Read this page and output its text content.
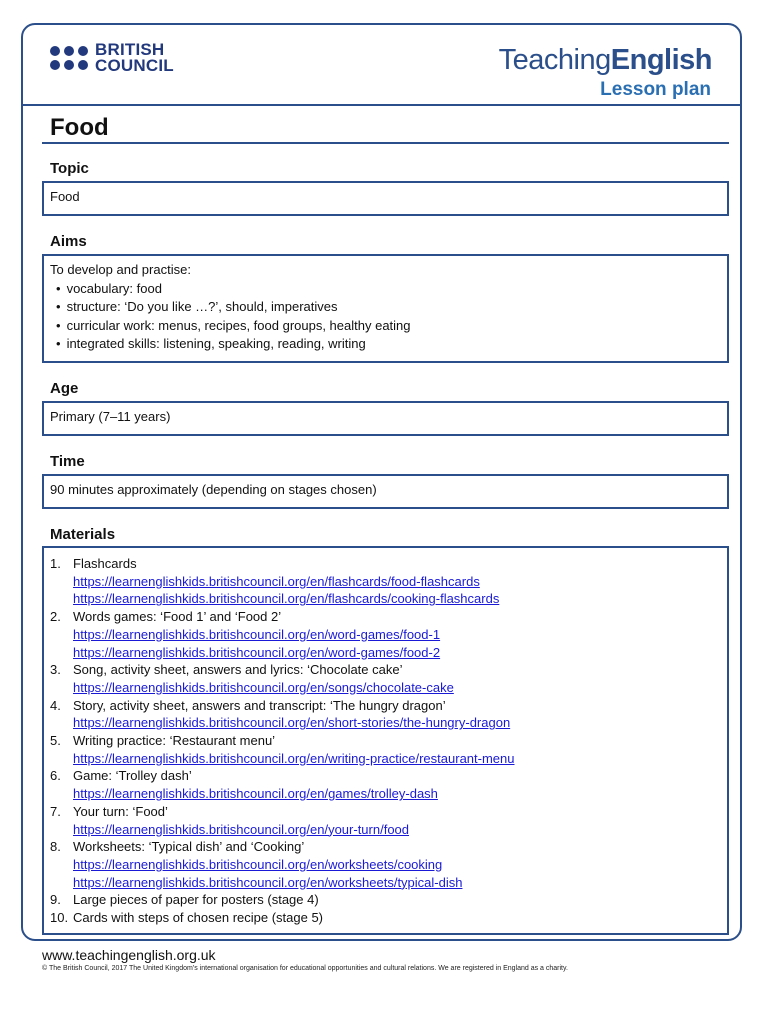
BRITISH
COUNCIL	TeachingEnglish
Lesson plan
Food
Topic
Food
Aims
To develop and practise:
• vocabulary: food
• structure: ‘Do you like …?’, should, imperatives
• curricular work: menus, recipes, food groups, healthy eating
• integrated skills: listening, speaking, reading, writing
Age
Primary (7–11 years)
Time
90 minutes approximately (depending on stages chosen)
Materials
1. Flashcards
https://learnenglishkids.britishcouncil.org/en/flashcards/food-flashcards
https://learnenglishkids.britishcouncil.org/en/flashcards/cooking-flashcards
2. Words games: ‘Food 1’ and ‘Food 2’
https://learnenglishkids.britishcouncil.org/en/word-games/food-1
https://learnenglishkids.britishcouncil.org/en/word-games/food-2
3. Song, activity sheet, answers and lyrics: ‘Chocolate cake’
https://learnenglishkids.britishcouncil.org/en/songs/chocolate-cake
4. Story, activity sheet, answers and transcript: ‘The hungry dragon’
https://learnenglishkids.britishcouncil.org/en/short-stories/the-hungry-dragon
5. Writing practice: ‘Restaurant menu’
https://learnenglishkids.britishcouncil.org/en/writing-practice/restaurant-menu
6. Game: ‘Trolley dash’
https://learnenglishkids.britishcouncil.org/en/games/trolley-dash
7. Your turn: ‘Food’
https://learnenglishkids.britishcouncil.org/en/your-turn/food
8. Worksheets: ‘Typical dish’ and ‘Cooking’
https://learnenglishkids.britishcouncil.org/en/worksheets/cooking
https://learnenglishkids.britishcouncil.org/en/worksheets/typical-dish
9. Large pieces of paper for posters (stage 4)
10. Cards with steps of chosen recipe (stage 5)
www.teachingenglish.org.uk
© The British Council, 2017 The United Kingdom’s international organisation for educational opportunities and cultural relations. We are registered in England as a charity.
